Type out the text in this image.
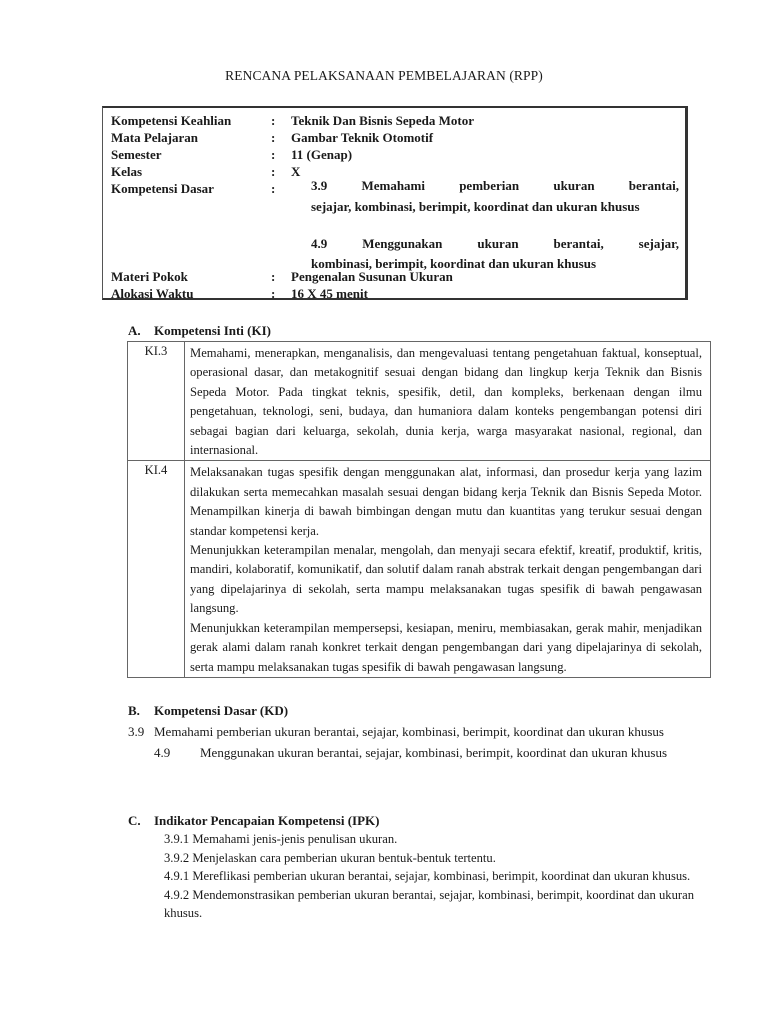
RENCANA PELAKSANAAN PEMBELAJARAN (RPP)
Kompetensi Keahlian	: Teknik Dan Bisnis Sepeda Motor
Mata Pelajaran	: Gambar Teknik Otomotif
Semester	: 11 (Genap)
Kelas	: X
Kompetensi Dasar	:	3.9	Memahami	pemberian	ukuran	berantai,
sejajar, kombinasi, berimpit, koordinat dan ukuran khusus
4.9	Menggunakan	ukuran	berantai,	sejajar,
kombinasi, berimpit, koordinat dan ukuran khusus
Materi Pokok	: Pengenalan Susunan Ukuran
Alokasi Waktu	: 16 X 45 menit
A. Kompetensi Inti (KI)
KI.3	Memahami, menerapkan, menganalisis, dan mengevaluasi tentang pengetahuan faktual, konseptual, operasional dasar, dan metakognitif sesuai dengan bidang dan lingkup kerja Teknik dan Bisnis Sepeda Motor. Pada tingkat teknis, spesifik, detil, dan kompleks, berkenaan dengan ilmu pengetahuan, teknologi, seni, budaya, dan humaniora dalam konteks pengembangan potensi diri sebagai bagian dari keluarga, sekolah, dunia kerja, warga masyarakat nasional, regional, dan internasional.

KI.4	Melaksanakan tugas spesifik dengan menggunakan alat, informasi, dan prosedur kerja yang lazim dilakukan serta memecahkan masalah sesuai dengan bidang kerja Teknik dan Bisnis Sepeda Motor. Menampilkan kinerja di bawah bimbingan dengan mutu dan kuantitas yang terukur sesuai dengan standar kompetensi kerja.
Menunjukkan keterampilan menalar, mengolah, dan menyaji secara efektif, kreatif, produktif, kritis, mandiri, kolaboratif, komunikatif, dan solutif dalam ranah abstrak terkait dengan pengembangan dari yang dipelajarinya di sekolah, serta mampu melaksanakan tugas spesifik di bawah pengawasan langsung.
Menunjukkan keterampilan mempersepsi, kesiapan, meniru, membiasakan, gerak mahir, menjadikan gerak alami dalam ranah konkret terkait dengan pengembangan dari yang dipelajarinya di sekolah, serta mampu melaksanakan tugas spesifik di bawah pengawasan langsung.
B. Kompetensi Dasar (KD)
3.9 Memahami pemberian ukuran berantai, sejajar, kombinasi, berimpit, koordinat dan ukuran khusus
4.9 Menggunakan ukuran berantai, sejajar, kombinasi, berimpit, koordinat dan ukuran khusus
C. Indikator Pencapaian Kompetensi (IPK)
3.9.1 Memahami jenis-jenis penulisan ukuran.
3.9.2 Menjelaskan cara pemberian ukuran bentuk-bentuk tertentu.
4.9.1 Mereflikasi pemberian ukuran berantai, sejajar, kombinasi, berimpit, koordinat dan ukuran khusus.
4.9.2 Mendemonstrasikan pemberian ukuran berantai, sejajar, kombinasi, berimpit, koordinat dan ukuran khusus.
